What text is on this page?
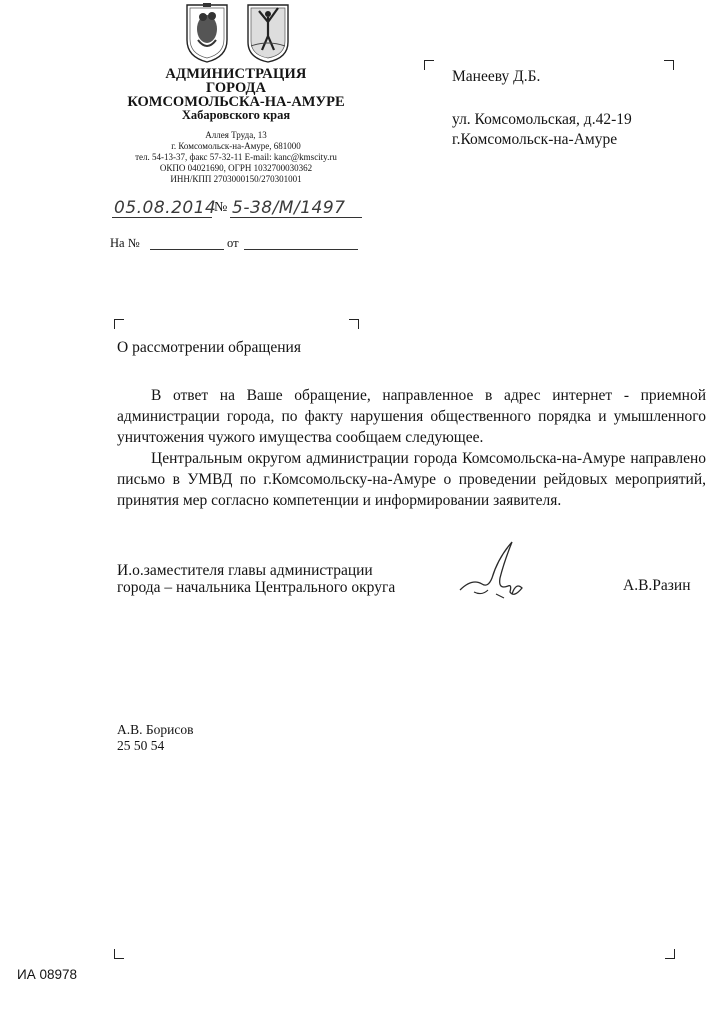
АДМИНИСТРАЦИЯ
ГОРОДА
КОМСОМОЛЬСКА-НА-АМУРЕ
Хабаровского края
Аллея Труда, 13
г. Комсомольск-на-Амуре, 681000
тел. 54-13-37, факс 57-32-11 E-mail: kanc@kmscity.ru
ОКПО 04021690, ОГРН 1032700030362
ИНН/КПП 2703000150/270301001
05.08.2014
№ 5-38/М/1497
На №	от
Манееву Д.Б.
ул. Комсомольская, д.42-19
г.Комсомольск-на-Амуре
О рассмотрении обращения

В ответ на Ваше обращение, направленное в адрес интернет - приемной администрации города, по факту нарушения общественного порядка и умышленного уничтожения чужого имущества сообщаем следующее.

Центральным округом администрации города Комсомольска-на-Амуре направлено письмо в УМВД по г.Комсомольску-на-Амуре о проведении рейдовых мероприятий, принятия мер согласно компетенции и информировании заявителя.

И.о.заместителя главы администрации
города – начальника Центрального округа	А.В.Разин
А.В. Борисов
25 50 54
ИА 08978
